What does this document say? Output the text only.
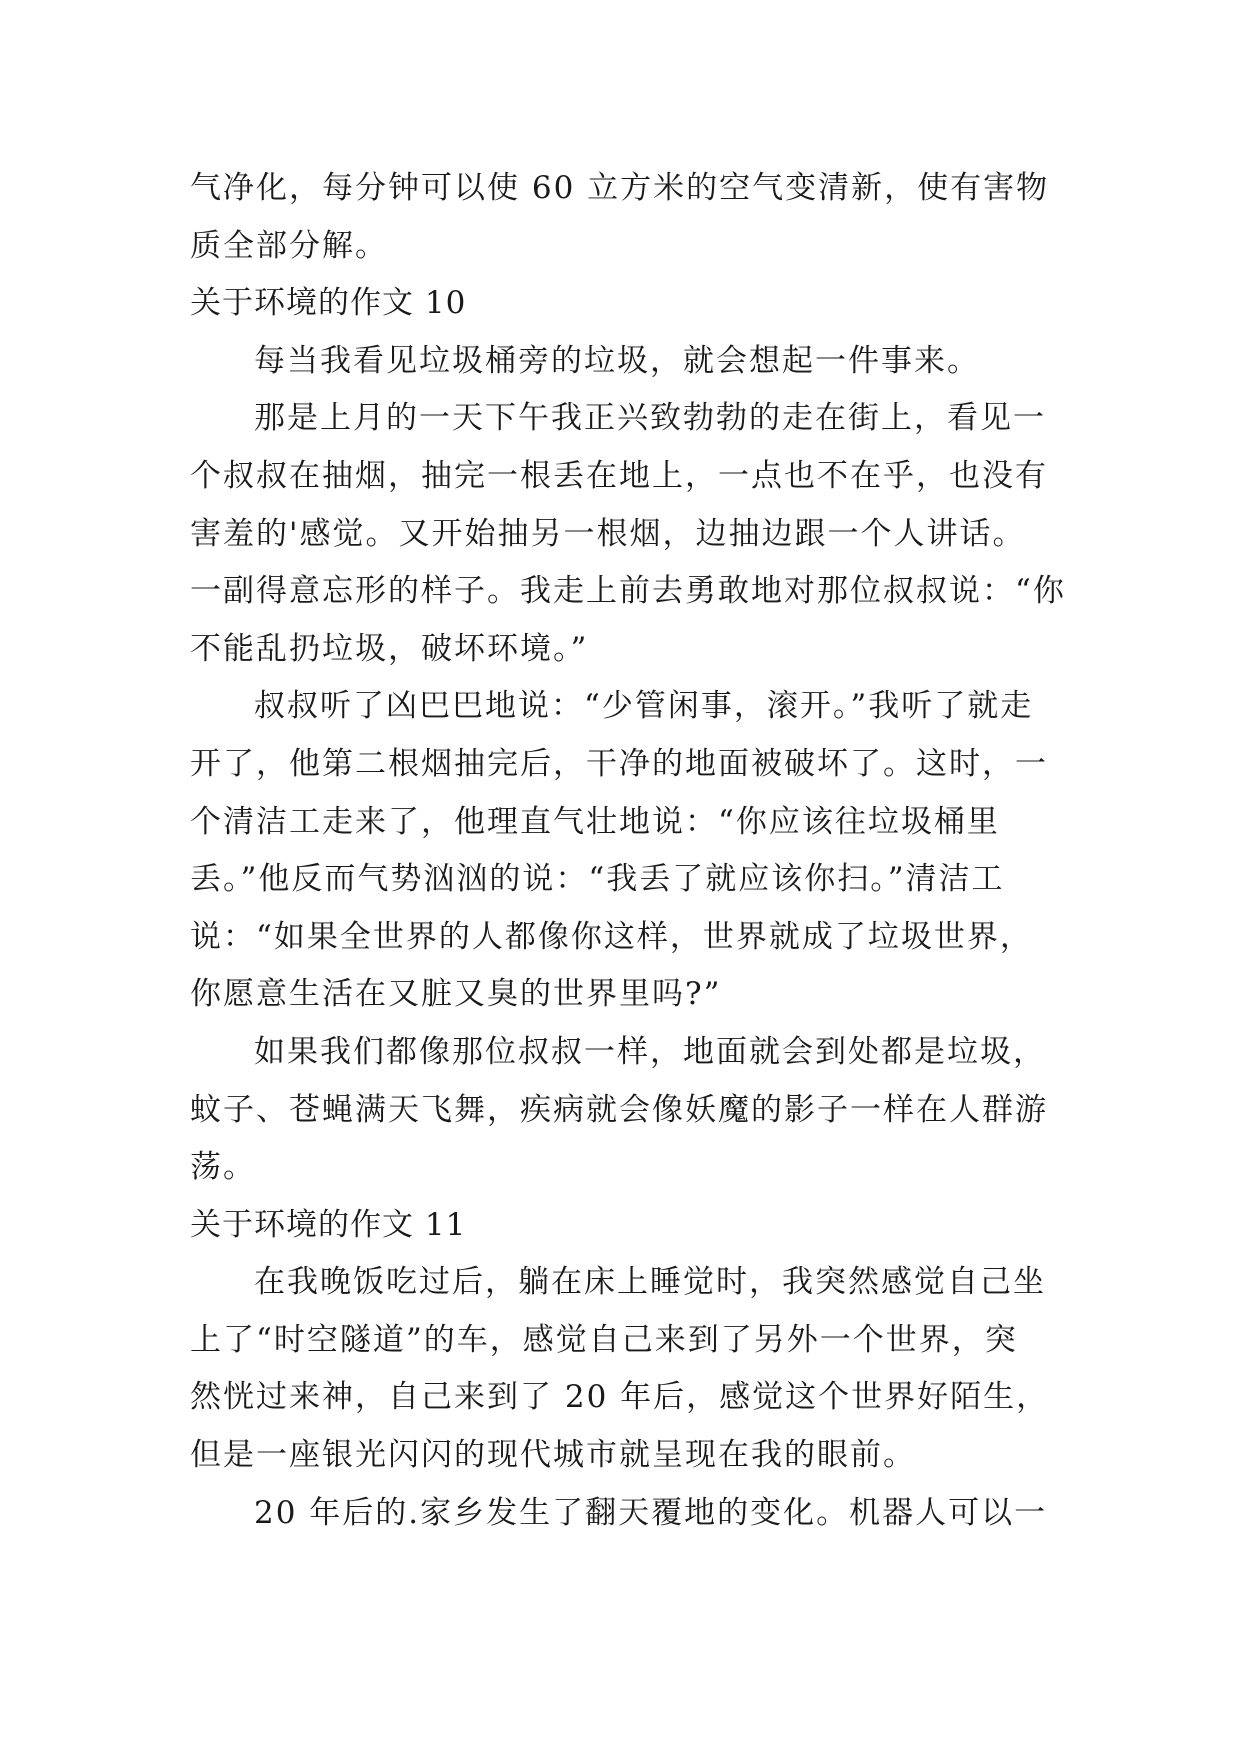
气净化，每分钟可以使 60 立方米的空气变清新，使有害物
质全部分解。
关于环境的作文 10
每当我看见垃圾桶旁的垃圾，就会想起一件事来。
那是上月的一天下午我正兴致勃勃的走在街上，看见一
个叔叔在抽烟，抽完一根丢在地上，一点也不在乎，也没有
害羞的'感觉。又开始抽另一根烟，边抽边跟一个人讲话。
一副得意忘形的样子。我走上前去勇敢地对那位叔叔说：“你
不能乱扔垃圾，破坏环境。”
叔叔听了凶巴巴地说：“少管闲事，滚开。”我听了就走
开了，他第二根烟抽完后，干净的地面被破坏了。这时，一
个清洁工走来了，他理直气壮地说：“你应该往垃圾桶里
丢。”他反而气势汹汹的说：“我丢了就应该你扫。”清洁工
说：“如果全世界的人都像你这样，世界就成了垃圾世界，
你愿意生活在又脏又臭的世界里吗?”
如果我们都像那位叔叔一样，地面就会到处都是垃圾，
蚊子、苍蝇满天飞舞，疾病就会像妖魔的影子一样在人群游
荡。
关于环境的作文 11
在我晚饭吃过后，躺在床上睡觉时，我突然感觉自己坐
上了“时空隧道”的车，感觉自己来到了另外一个世界，突
然恍过来神，自己来到了 20 年后，感觉这个世界好陌生，
但是一座银光闪闪的现代城市就呈现在我的眼前。
20 年后的.家乡发生了翻天覆地的变化。机器人可以一
